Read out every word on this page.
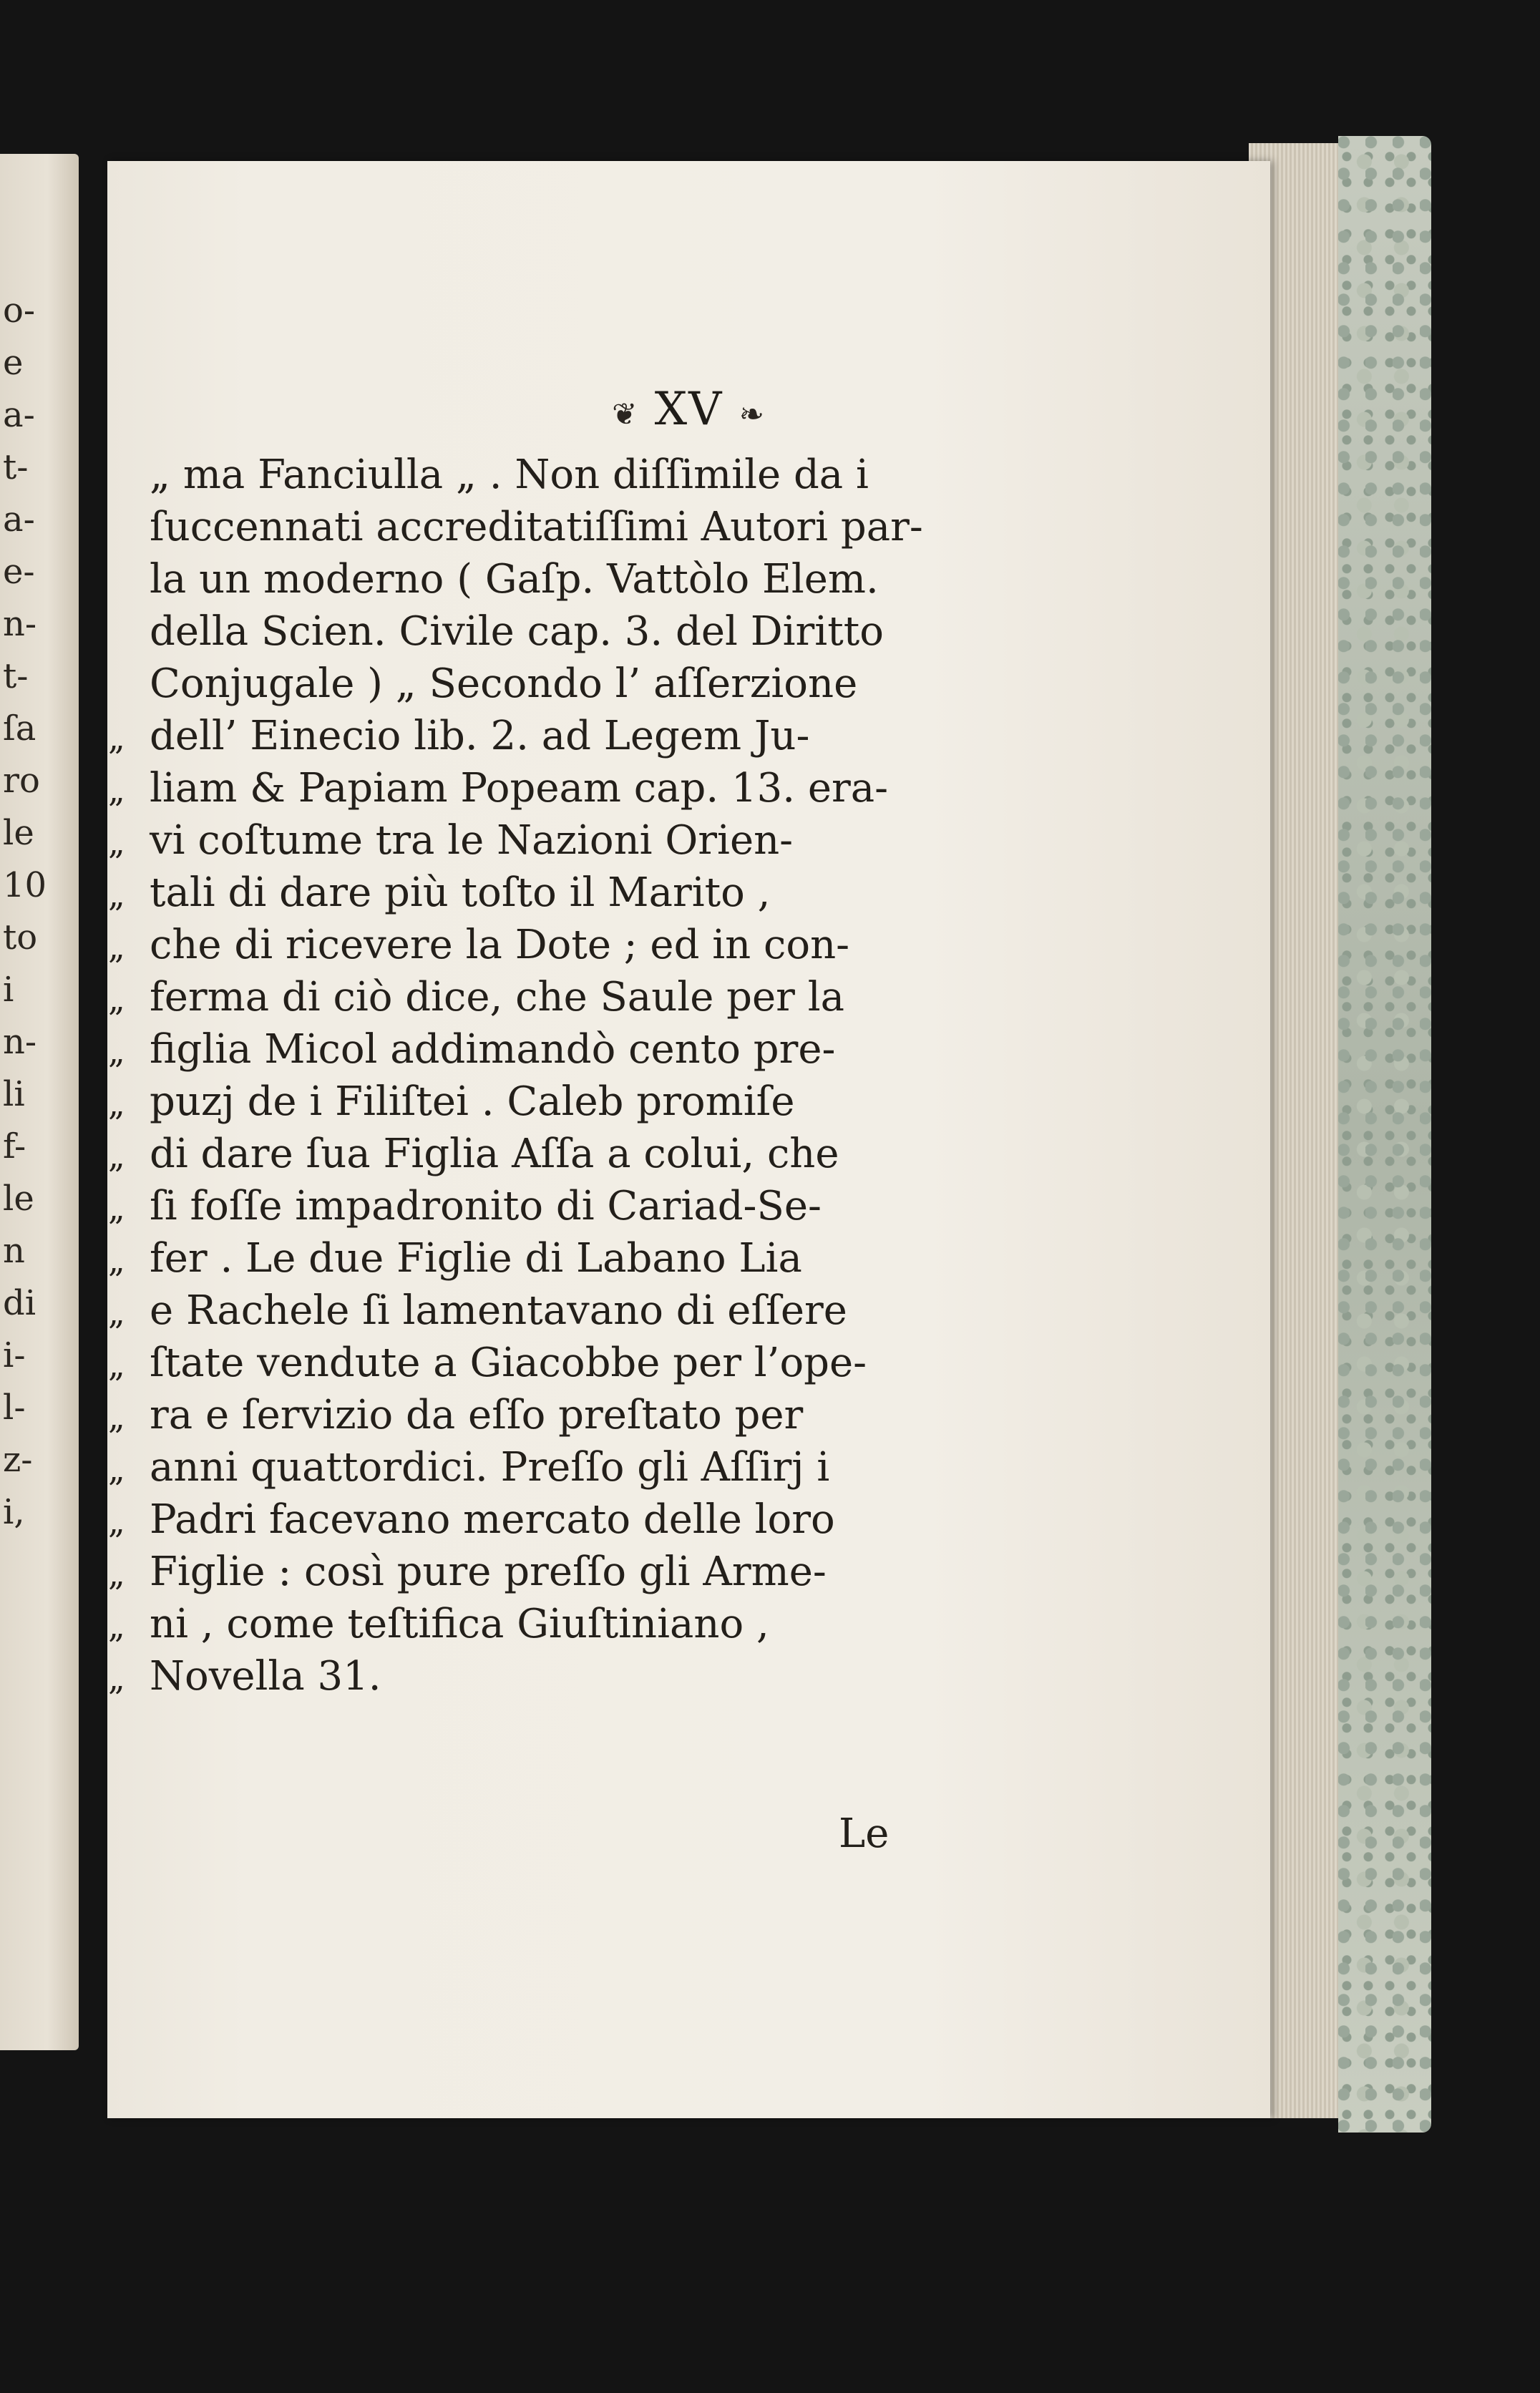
o-
e
a-
t-
a-
e-
n-
t-
ſa
ro
le
10
to
i
n-
li
f-
le
n
di
i-
l-
z-
i,
❦ XV ❧
„ ma Fanciulla „ . Non diſſimile da i
ſuccennati accreditatiſſimi Autori par-
la un moderno ( Gaſp. Vattòlo Elem.
della Scien. Civile cap. 3. del Diritto
Conjugale ) „ Secondo l’ aſſerzione
„ dell’ Einecio lib. 2. ad Legem Ju-
„ liam & Papiam Popeam cap. 13. era-
„ vi coſtume tra le Nazioni Orien-
„ tali di dare più toſto il Marito ,
„ che di ricevere la Dote ; ed in con-
„ ferma di ciò dice, che Saule per la
„ figlia Micol addimandò cento pre-
„ puzj de i Filiſtei . Caleb promiſe
„ di dare ſua Figlia Aſſa a colui, che
„ ſi foſſe impadronito di Cariad-Se-
„ fer . Le due Figlie di Labano Lia
„ e Rachele ſi lamentavano di eſſere
„ ſtate vendute a Giacobbe per l’ope-
„ ra e ſervizio da eſſo preſtato per
„ anni quattordici. Preſſo gli Aſſirj i
„ Padri facevano mercato delle loro
„ Figlie : così pure preſſo gli Arme-
„ ni , come teſtifica Giuſtiniano ,
„ Novella 31.
Le
